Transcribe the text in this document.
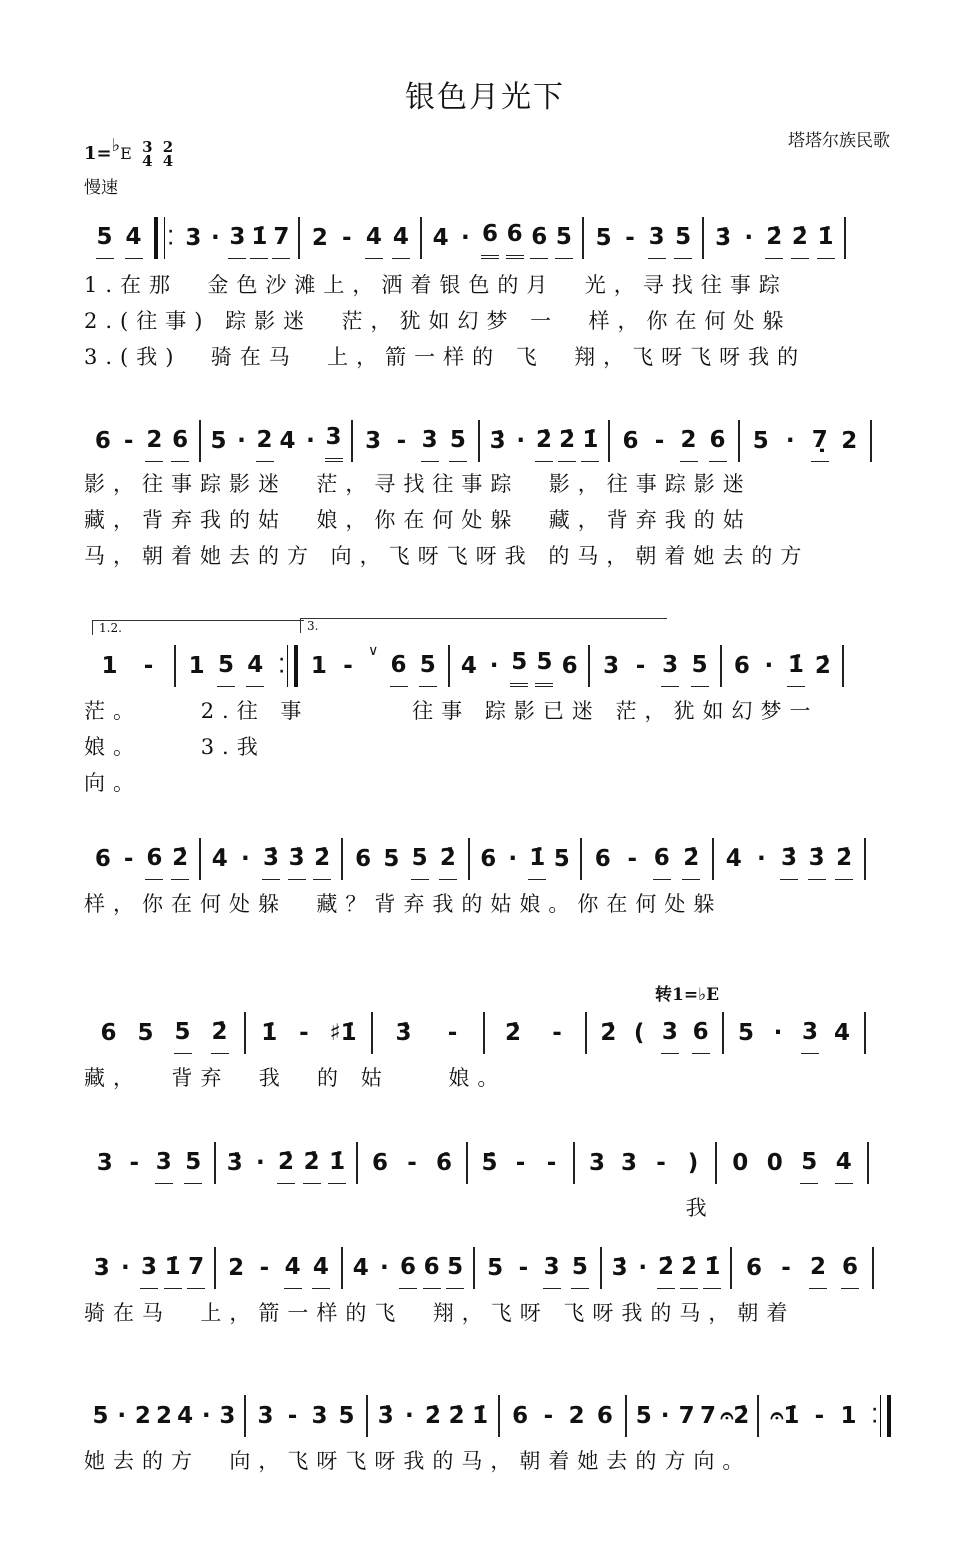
银色月光下
塔塔尔族民歌
1=♭E 3
4

2
4
慢速
5 4 ·
· 3 · 3 1̇ 7 2 - 4 4 4 · 6 6 6 5 5 - 3 5 3̇ · 2̇ 2̇ 1̇
1.在那  金色沙滩上，洒着银色的月  光，寻找往事踪
2.(往事) 踪影迷  茫，犹如幻梦 一  样，你在何处躲
3.(我)  骑在马  上，箭一样的 飞  翔，飞呀飞呀我的
6 - 2 6 5 · 2 4 · 3 3 - 3 5 3̇ · 2̇ 2̇ 1̇ 6 - 2 6 5 · 7̣ 2
影，往事踪影迷  茫，寻找往事踪  影，往事踪影迷
藏，背弃我的姑  娘，你在何处躲  藏，背弃我的姑
马，朝着她去的方 向，飞呀飞呀我 的马，朝着她去的方
1.2.	3.
1 - 1 5 4 ·
· 1 -
∨
6 5 4 · 5 5 6 3 - 3 5 6 · 1̇ 2̇
茫。    2.往 事       往事 踪影已迷 茫，犹如幻梦一
娘。    3.我
向。
6 - 6 2̇ 4̇ · 3̇ 3̇ 2̇ 6 5 5 2̇ 6 · 1̇ 5 6 - 6 2̇ 4̇ · 3̇ 3̇ 2̇
样，你在何处躲  藏？背弃我的姑娘。你在何处躲
转1=♭E
6 5 5 2̇ 1̇ - ♯1̇ 3̇ - 2̇ - 2̇ ( 3 6 5 · 3 4
藏，  背弃  我  的 姑    娘。
3 - 3 5 3̇ · 2̇ 2̇ 1̇ 6 - 6̇ 5̇ - - 3 3 - ) 0 0 5 4
我
3 · 3 1̇ 7 2 - 4 4 4 · 6 6 5 5 - 3 5 3̇ · 2̇ 2̇ 1̇ 6 - 2 6
骑在马  上，箭一样的飞  翔，飞呀 飞呀我的马，朝着
5 · 2 2 4 · 3 3 - 3 5 3̇ · 2̇ 2̇ 1̇ 6 - 2 6 5 · 7 7 𝄐2̇ 𝄐1̇ - 1 ·
·
她去的方  向，飞呀飞呀我的马，朝着她去的方向。
